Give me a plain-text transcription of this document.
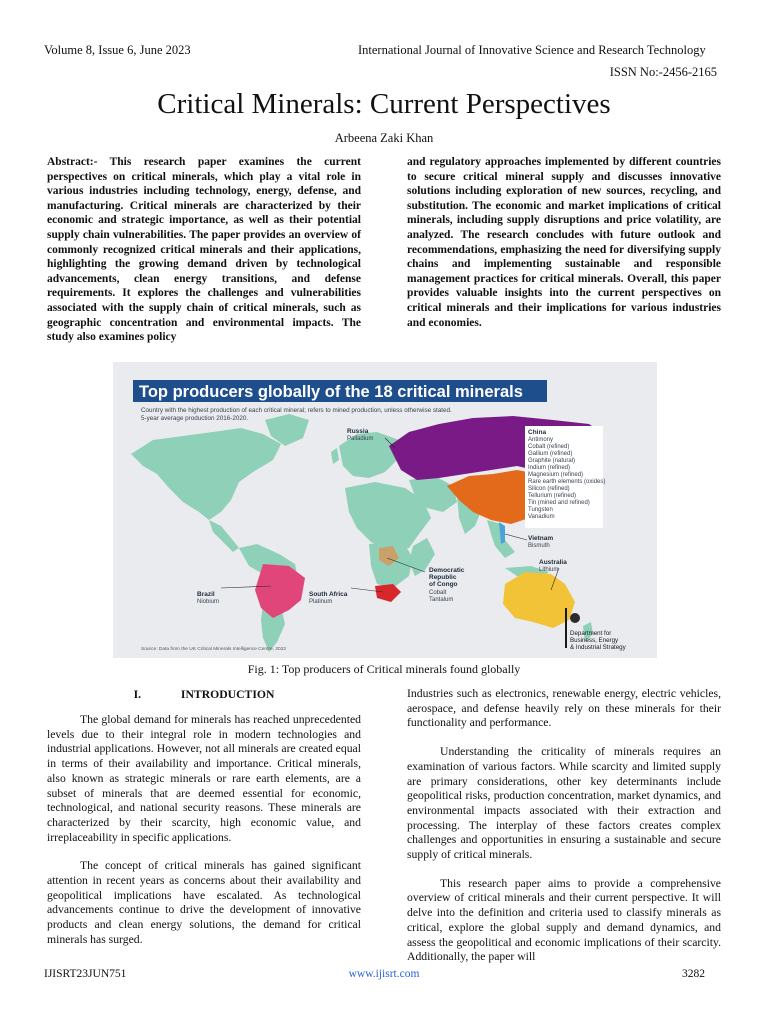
Volume 8, Issue 6, June 2023	International Journal of Innovative Science and Research Technology
ISSN No:-2456-2165
Critical Minerals: Current Perspectives
Arbeena Zaki Khan

Abstract:- This research paper examines the current perspectives on critical minerals, which play a vital role in various industries including technology, energy, defense, and manufacturing. Critical minerals are characterized by their economic and strategic importance, as well as their potential supply chain vulnerabilities. The paper provides an overview of commonly recognized critical minerals and their applications, highlighting the growing demand driven by technological advancements, clean energy transitions, and defense requirements. It explores the challenges and vulnerabilities associated with the supply chain of critical minerals, such as geographic concentration and environmental impacts. The study also examines policy

and regulatory approaches implemented by different countries to secure critical mineral supply and discusses innovative solutions including exploration of new sources, recycling, and substitution. The economic and market implications of critical minerals, including supply disruptions and price volatility, are analyzed. The research concludes with future outlook and recommendations, emphasizing the need for diversifying supply chains and implementing sustainable and responsible management practices for critical minerals. Overall, this paper provides valuable insights into the current perspectives on critical minerals and their implications for various industries and economies.

Top producers globally of the 18 critical minerals
Country with the highest production of each critical mineral; refers to mined production, unless otherwise stated.
5-year average production 2016-2020.
Russia
Palladium
China
Antimony
Cobalt (refined)
Gallium (refined)
Graphite (natural)
Indium (refined)
Magnesium (refined)
Rare earth elements (oxides)
Silicon (refined)
Tellurium (refined)
Tin (mined and refined)
Tungsten
Vanadium
Vietnam
Bismuth
Australia
Lithium
Democratic
Republic
of Congo
Cobalt
Tantalum
Brazil
Niobium
South Africa
Platinum
Source: Data from the UK Critical Minerals Intelligence Centre, 2022
Department for
Business, Energy
& Industrial Strategy
Fig. 1: Top producers of Critical minerals found globally
I.	INTRODUCTION

The global demand for minerals has reached unprecedented levels due to their integral role in modern technologies and industrial applications. However, not all minerals are created equal in terms of their availability and importance. Critical minerals, also known as strategic minerals or rare earth elements, are a subset of minerals that are deemed essential for economic, technological, and national security reasons. These minerals are characterized by their scarcity, high economic value, and irreplaceability in specific applications.

The concept of critical minerals has gained significant attention in recent years as concerns about their availability and geopolitical implications have escalated. As technological advancements continue to drive the development of innovative products and clean energy solutions, the demand for critical minerals has surged.

Industries such as electronics, renewable energy, electric vehicles, aerospace, and defense heavily rely on these minerals for their functionality and performance.

Understanding the criticality of minerals requires an examination of various factors. While scarcity and limited supply are primary considerations, other key determinants include geopolitical risks, production concentration, market dynamics, and environmental impacts associated with their extraction and processing. The interplay of these factors creates complex challenges and opportunities in ensuring a sustainable and secure supply of critical minerals.

This research paper aims to provide a comprehensive overview of critical minerals and their current perspective. It will delve into the definition and criteria used to classify minerals as critical, explore the global supply and demand dynamics, and assess the geopolitical and economic implications of their scarcity. Additionally, the paper will

IJISRT23JUN751	www.ijisrt.com	3282
